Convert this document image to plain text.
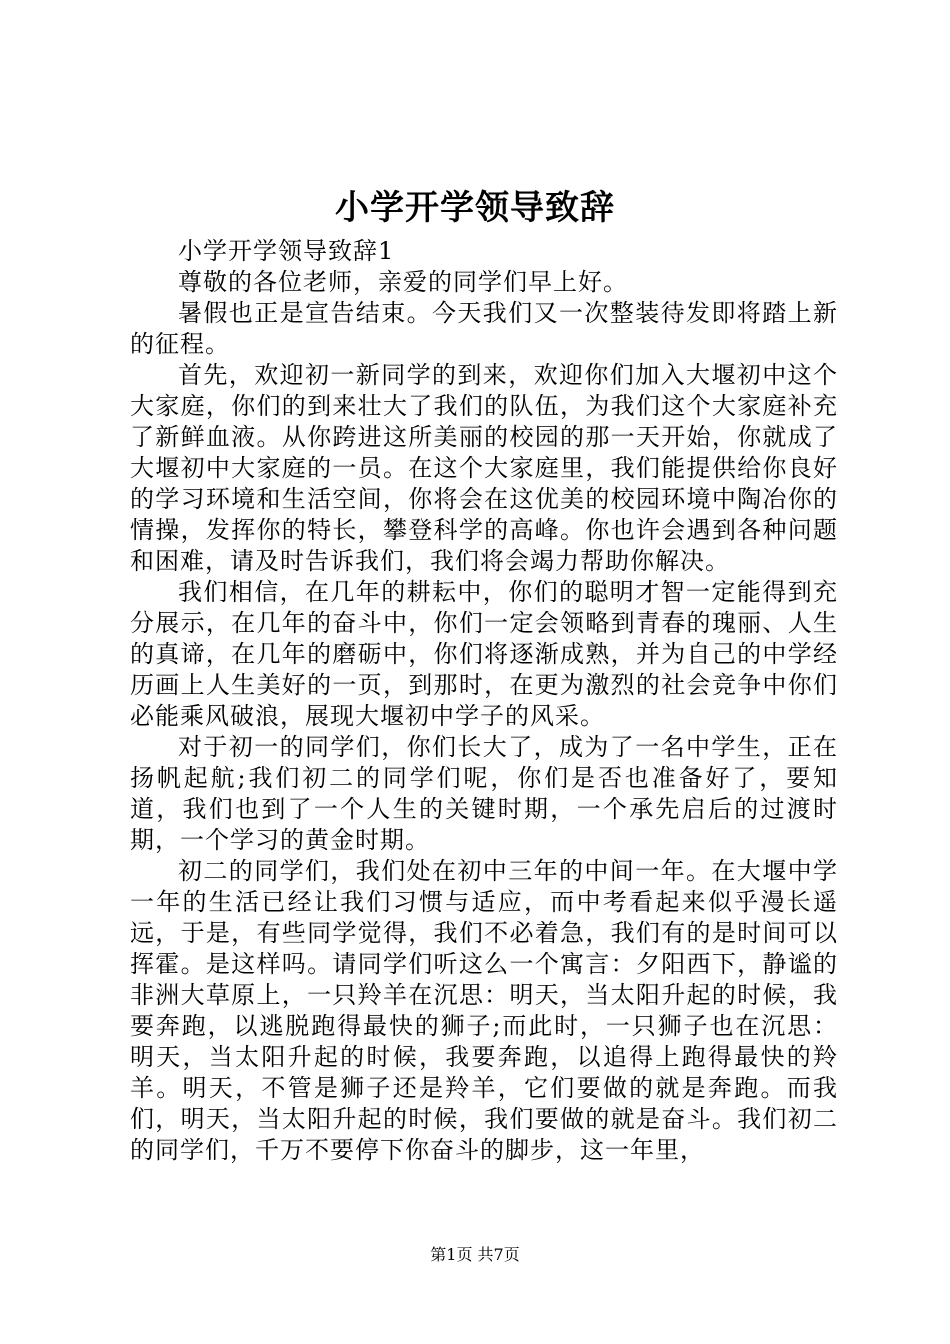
小学开学领导致辞

小学开学领导致辞1

尊敬的各位老师，亲爱的同学们早上好。

暑假也正是宣告结束。今天我们又一次整装待发即将踏上新的征程。

首先，欢迎初一新同学的到来，欢迎你们加入大堰初中这个大家庭，你们的到来壮大了我们的队伍，为我们这个大家庭补充了新鲜血液。从你跨进这所美丽的校园的那一天开始，你就成了大堰初中大家庭的一员。在这个大家庭里，我们能提供给你良好的学习环境和生活空间，你将会在这优美的校园环境中陶冶你的情操，发挥你的特长，攀登科学的高峰。你也许会遇到各种问题和困难，请及时告诉我们，我们将会竭力帮助你解决。

我们相信，在几年的耕耘中，你们的聪明才智一定能得到充分展示，在几年的奋斗中，你们一定会领略到青春的瑰丽、人生的真谛，在几年的磨砺中，你们将逐渐成熟，并为自己的中学经历画上人生美好的一页，到那时，在更为激烈的社会竞争中你们必能乘风破浪，展现大堰初中学子的风采。

对于初一的同学们，你们长大了，成为了一名中学生，正在扬帆起航;我们初二的同学们呢，你们是否也准备好了，要知道，我们也到了一个人生的关键时期，一个承先启后的过渡时期，一个学习的黄金时期。

初二的同学们，我们处在初中三年的中间一年。在大堰中学一年的生活已经让我们习惯与适应，而中考看起来似乎漫长遥远，于是，有些同学觉得，我们不必着急，我们有的是时间可以挥霍。是这样吗。请同学们听这么一个寓言：夕阳西下，静谧的非洲大草原上，一只羚羊在沉思：明天，当太阳升起的时候，我要奔跑，以逃脱跑得最快的狮子;而此时，一只狮子也在沉思：明天，当太阳升起的时候，我要奔跑，以追得上跑得最快的羚羊。明天，不管是狮子还是羚羊，它们要做的就是奔跑。而我们，明天，当太阳升起的时候，我们要做的就是奋斗。我们初二的同学们，千万不要停下你奋斗的脚步，这一年里，

第1页 共7页
